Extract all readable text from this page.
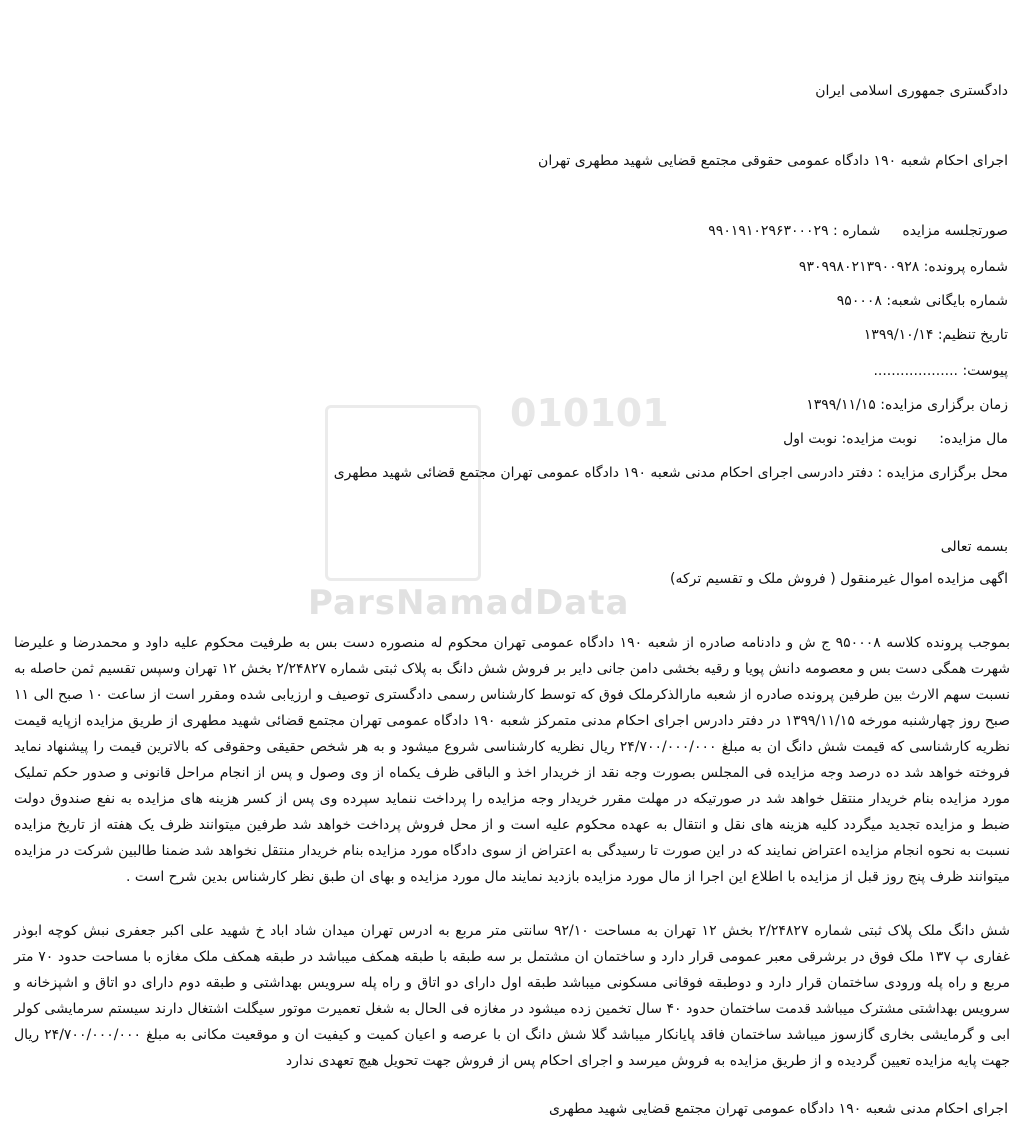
010101
ParsNamadData
دادگستری جمهوری اسلامی ایران
اجرای احکام شعبه ۱۹۰ دادگاه عمومی حقوقی مجتمع قضایی شهید مطهری تهران
صورتجلسه مزایدهشماره : ۹۹۰۱۹۱۰۲۹۶۳۰۰۰۲۹
شماره پرونده: ۹۳۰۹۹۸۰۲۱۳۹۰۰۹۲۸
شماره بایگانی شعبه: ۹۵۰۰۰۸
تاریخ تنظیم: ۱۳۹۹/۱۰/۱۴
پیوست: ...................
زمان برگزاری مزایده: ۱۳۹۹/۱۱/۱۵
مال مزایده:نوبت مزایده: نوبت اول
محل برگزاری مزایده : دفتر دادرسی اجرای احکام مدنی شعبه ۱۹۰ دادگاه عمومی تهران مجتمع قضائی شهید مطهری
بسمه تعالی
اگهی مزایده اموال غیرمنقول ( فروش ملک و تقسیم ترکه)
بموجب پرونده کلاسه ۹۵۰۰۰۸ ج ش و دادنامه صادره از شعبه ۱۹۰ دادگاه عمومی تهران محکوم له منصوره دست بس به طرفیت محکوم علیه داود و محمدرضا و علیرضا شهرت همگی دست بس و معصومه دانش پویا و رقیه بخشی دامن جانی دایر بر فروش شش دانگ به پلاک ثبتی شماره ۲/۲۴۸۲۷ بخش ۱۲ تهران وسپس تقسیم ثمن حاصله به نسبت سهم الارث بین طرفین پرونده صادره از شعبه مارالذکرملک فوق که توسط کارشناس رسمی دادگستری توصیف و ارزیابی شده ومقرر است از ساعت ۱۰ صبح الی ۱۱ صبح روز چهارشنبه مورخه ۱۳۹۹/۱۱/۱۵ در دفتر دادرس اجرای احکام مدنی متمرکز شعبه ۱۹۰ دادگاه عمومی تهران مجتمع قضائی شهید مطهری از طریق مزایده ازپایه قیمت نظریه کارشناسی که قیمت شش دانگ ان به مبلغ ۲۴/۷۰۰/۰۰۰/۰۰۰ ریال نظریه کارشناسی شروع میشود و به هر شخص حقیقی وحقوقی که بالاترین قیمت را پیشنهاد نماید فروخته خواهد شد ده درصد وجه مزایده فی المجلس بصورت وجه نقد از خریدار اخذ و الباقی ظرف یکماه از وی وصول و پس از انجام مراحل قانونی و صدور حکم تملیک مورد مزایده بنام خریدار منتقل خواهد شد در صورتیکه در مهلت مقرر خریدار وجه مزایده را پرداخت ننماید سپرده وی پس از کسر هزینه های مزایده به نفع صندوق دولت ضبط و مزایده تجدید میگردد کلیه هزینه های نقل و انتقال به عهده محکوم علیه است و از محل فروش پرداخت خواهد شد طرفین میتوانند ظرف یک هفته از تاریخ مزایده نسبت به نحوه انجام مزایده اعتراض نمایند که در این صورت تا رسیدگی به اعتراض از سوی دادگاه مورد مزایده بنام خریدار منتقل نخواهد شد ضمنا طالبین شرکت در مزایده میتوانند ظرف پنج روز قبل از مزایده با اطلاع این اجرا از مال مورد مزایده بازدید نمایند مال مورد مزایده و بهای ان طبق نظر کارشناس بدین شرح است .
شش دانگ ملک پلاک ثبتی شماره ۲/۲۴۸۲۷ بخش ۱۲ تهران به مساحت ۹۲/۱۰ سانتی متر مربع به ادرس تهران میدان شاد اباد خ شهید علی اکبر جعفری نبش کوچه ابوذر غفاری پ ۱۳۷ ملک فوق در برشرقی معبر عمومی قرار دارد و ساختمان ان مشتمل بر سه طبقه با طبقه همکف میباشد در طبقه همکف ملک مغازه با مساحت حدود ۷۰ متر مربع و راه پله ورودی ساختمان قرار دارد و دوطبقه فوقانی مسکونی میباشد طبقه اول دارای دو اتاق و راه پله سرویس بهداشتی و طبقه دوم دارای دو اتاق و اشپزخانه و سرویس بهداشتی مشترک میباشد قدمت ساختمان حدود ۴۰ سال تخمین زده میشود در مغازه فی الحال به شغل تعمیرت موتور سیگلت اشتغال دارند سیستم سرمایشی کولر ابی و گرمایشی بخاری گازسوز میباشد ساختمان فاقد پایانکار میباشد گلا شش دانگ ان با عرصه و اعیان کمیت و کیفیت ان و موقعیت مکانی به مبلغ ۲۴/۷۰۰/۰۰۰/۰۰۰ ریال جهت پایه مزایده تعیین گردیده و از طریق مزایده به فروش میرسد و اجرای احکام پس از فروش جهت تحویل هیچ تعهدی ندارد
اجرای احکام مدنی شعبه ۱۹۰ دادگاه عمومی تهران مجتمع قضایی شهید مطهری
